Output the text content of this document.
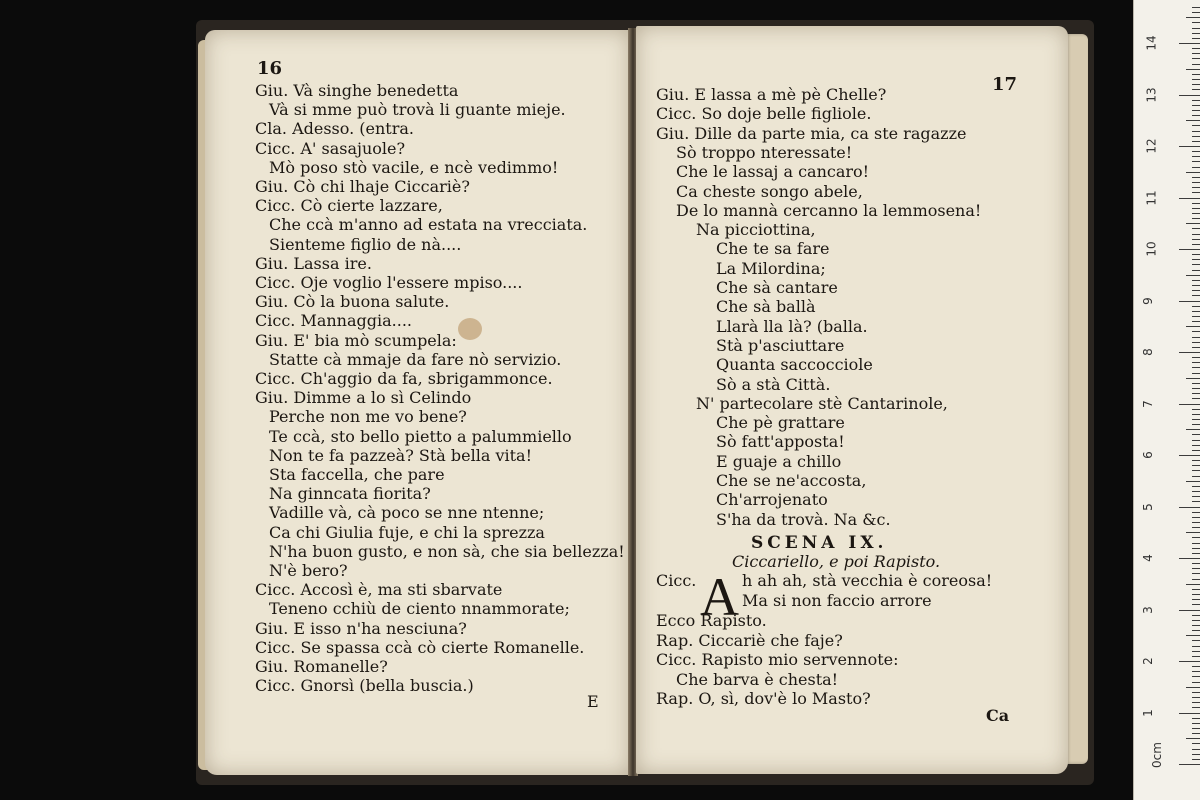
16
Giu. Và singhe benedetta
Và si mme può trovà li guante mieje.
Cla. Adesso. (entra.
Cicc. A' sasajuole?
Mò poso stò vacile, e ncè vedimmo!
Giu. Cò chi lhaje Ciccariè?
Cicc. Cò cierte lazzare,
Che ccà m'anno ad estata na vrecciata.
Sienteme figlio de nà....
Giu. Lassa ire.
Cicc. Oje voglio l'essere mpiso....
Giu. Cò la buona salute.
Cicc. Mannaggia....
Giu. E' bia mò scumpela:
Statte cà mmaje da fare nò servizio.
Cicc. Ch'aggio da fa, sbrigammonce.
Giu. Dimme a lo sì Celindo
Perche non me vo bene?
Te ccà, sto bello pietto a palummiello
Non te fa pazzeà? Stà bella vita!
Sta faccella, che pare
Na ginncata fiorita?
Vadille và, cà poco se nne ntenne;
Ca chi Giulia fuje, e chi la sprezza
N'ha buon gusto, e non sà, che sia bellezza!
N'è bero?
Cicc. Accosì è, ma sti sbarvate
Teneno cchiù de ciento nnammorate;
Giu. E isso n'ha nesciuna?
Cicc. Se spassa ccà cò cierte Romanelle.
Giu. Romanelle?
Cicc. Gnorsì (bella buscia.)
E
17
Giu. E lassa a mè pè Chelle?
Cicc. So doje belle figliole.
Giu. Dille da parte mia, ca ste ragazze
Sò troppo nteressate!
Che le lassaj a cancaro!
Ca cheste songo abele,
De lo mannà cercanno la lemmosena!
Na picciottina,
Che te sa fare
La Milordina;
Che sà cantare
Che sà ballà
Llarà lla là? (balla.
Stà p'asciuttare
Quanta saccocciole
Sò a stà Città.
N' partecolare stè Cantarinole,
Che pè grattare
Sò fatt'apposta!
E guaje a chillo
Che se ne'accosta,
Ch'arrojenato
S'ha da trovà. Na &c.
SCENA IX.
Ciccariello, e poi Rapisto.
A
Cicc.	h ah ah, stà vecchia è coreosa!
Ma si non faccio arrore
Ecco Rapisto.
Rap. Ciccariè che faje?
Cicc. Rapisto mio servennote:
Che barva è chesta!
Rap. O, sì, dov'è lo Masto?
Ca	1
2
3
4
5
6
7
8
9
10
11
12
13
14
0cm
